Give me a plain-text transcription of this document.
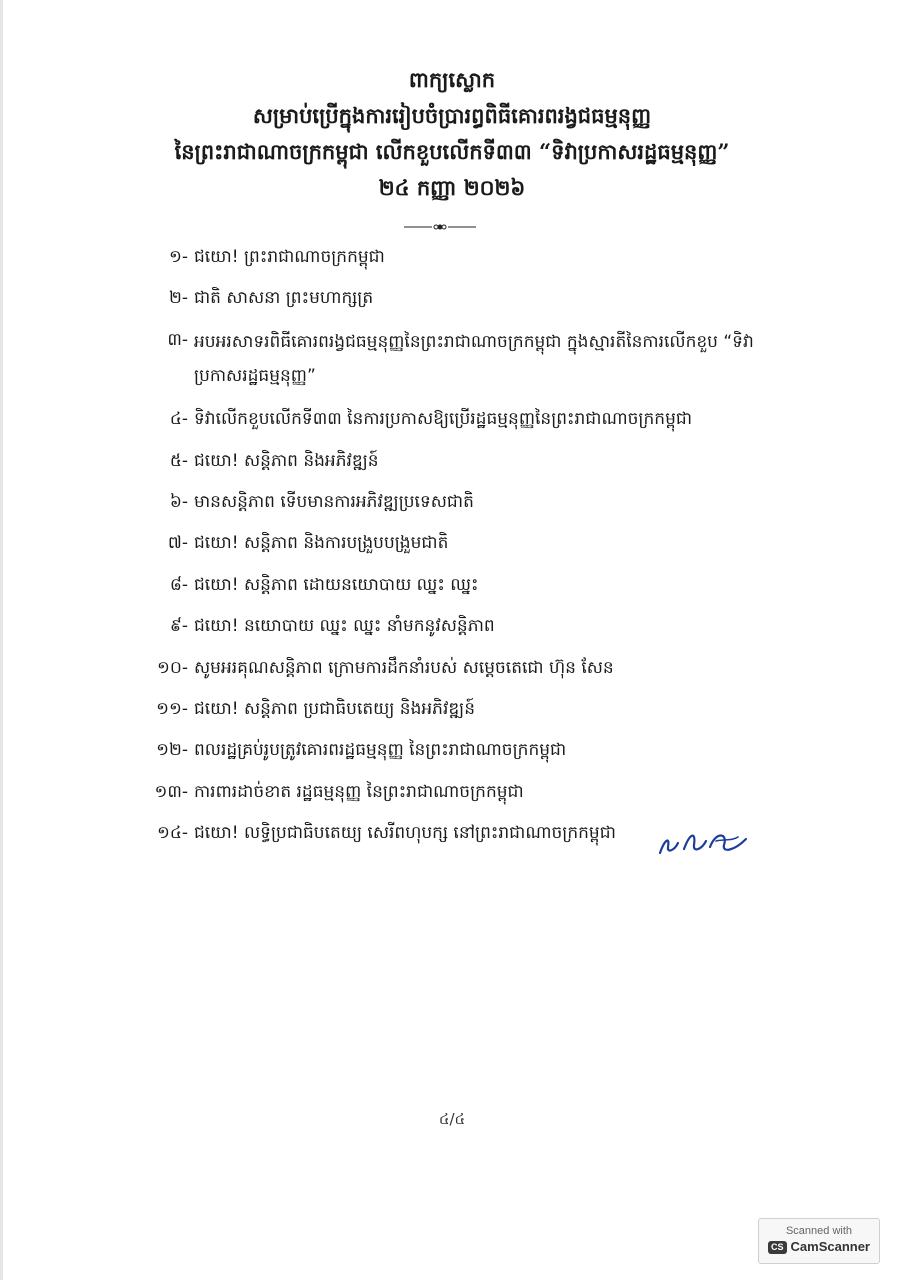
ពាក្យស្លោក
សម្រាប់ប្រើក្នុងការរៀបចំប្រារព្ធពិធីគោរពរង្វជធម្មនុញ្ញ
នៃព្រះរាជាណាចក្រកម្ពុជា លើកខួបលើកទី៣៣ “ទិវាប្រកាសរដ្ឋធម្មនុញ្ញ”
២៤ កញ្ញា ២០២៦
១- ជយោ! ព្រះរាជាណាចក្រកម្ពុជា
២- ជាតិ សាសនា ព្រះមហាក្សត្រ
៣- អបអរសាទរពិធីគោរពរង្វជធម្មនុញ្ញនៃព្រះរាជាណាចក្រកម្ពុជា ក្នុងស្មារតីនៃការលើកខួប “ទិវាប្រកាសរដ្ឋធម្មនុញ្ញ”
៤- ទិវាលើកខួបលើកទី៣៣ នៃការប្រកាសឱ្យប្រើរដ្ឋធម្មនុញ្ញនៃព្រះរាជាណាចក្រកម្ពុជា
៥- ជយោ! សន្តិភាព និងអភិវឌ្ឍន៍
៦- មានសន្តិភាព ទើបមានការអភិវឌ្ឍប្រទេសជាតិ
៧- ជយោ! សន្តិភាព និងការបង្រួបបង្រួមជាតិ
៨- ជយោ! សន្តិភាព ដោយនយោបាយ ឈ្នះ ឈ្នះ
៩- ជយោ! នយោបាយ ឈ្នះ ឈ្នះ នាំមកនូវសន្តិភាព
១០- សូមអរគុណសន្តិភាព ក្រោមការដឹកនាំរបស់ សម្តេចតេជោ ហ៊ុន សែន
១១- ជយោ! សន្តិភាព ប្រជាធិបតេយ្យ និងអភិវឌ្ឍន៍
១២- ពលរដ្ឋគ្រប់រូបត្រូវគោរពរដ្ឋធម្មនុញ្ញ នៃព្រះរាជាណាចក្រកម្ពុជា
១៣- ការពារដាច់ខាត រដ្ឋធម្មនុញ្ញ នៃព្រះរាជាណាចក្រកម្ពុជា
១៤- ជយោ! លទ្ធិប្រជាធិបតេយ្យ សេរីពហុបក្ស នៅព្រះរាជាណាចក្រកម្ពុជា
៤/៤
Scanned with
CS CamScanner
